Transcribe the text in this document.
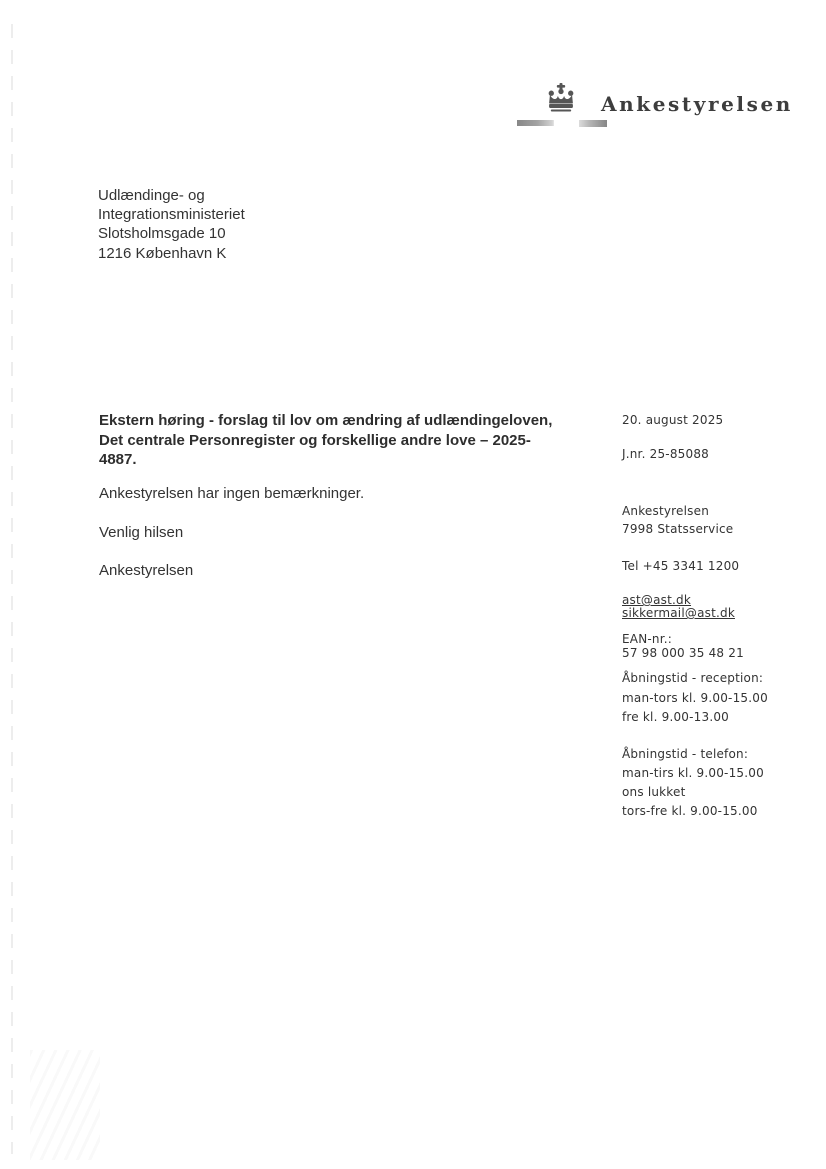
Ankestyrelsen
Udlændinge- og
Integrationsministeriet
Slotsholmsgade 10
1216 København K
Ekstern høring - forslag til lov om ændring af udlændingeloven,
Det centrale Personregister og forskellige andre love – 2025-
4887.
Ankestyrelsen har ingen bemærkninger.
Venlig hilsen
Ankestyrelsen
20. august 2025
J.nr. 25-85088
Ankestyrelsen
7998 Statsservice
Tel +45 3341 1200
ast@ast.dk
sikkermail@ast.dk
EAN-nr.:
57 98 000 35 48 21
Åbningstid - reception:
man-tors kl. 9.00-15.00
fre kl. 9.00-13.00
Åbningstid - telefon:
man-tirs kl. 9.00-15.00
ons lukket
tors-fre kl. 9.00-15.00
